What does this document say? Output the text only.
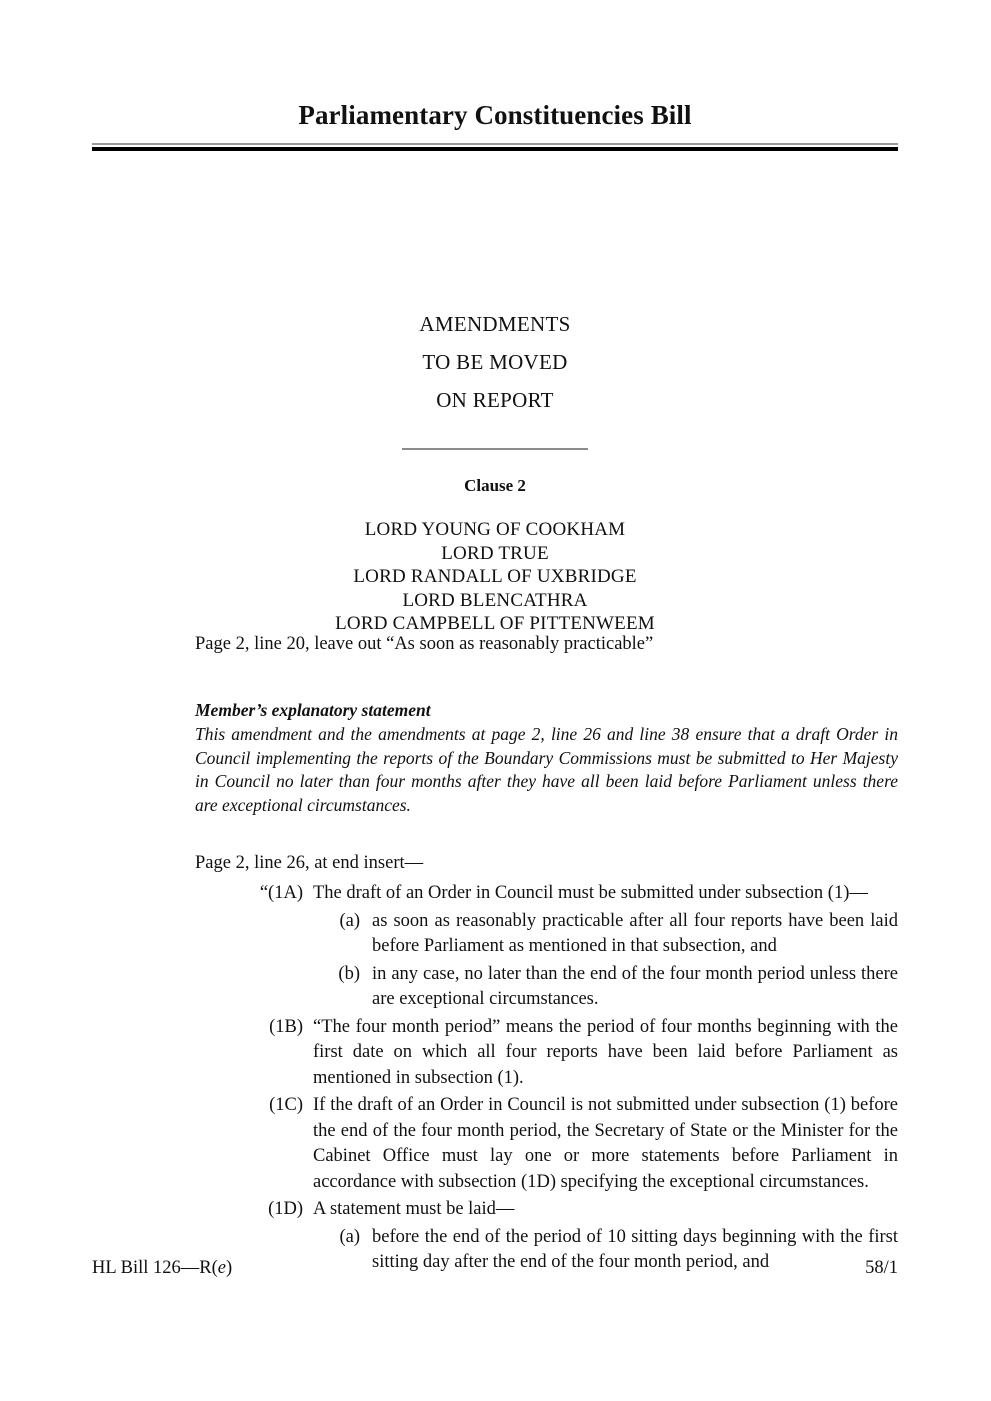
Parliamentary Constituencies Bill
AMENDMENTS
TO BE MOVED
ON REPORT
Clause 2
LORD YOUNG OF COOKHAM
LORD TRUE
LORD RANDALL OF UXBRIDGE
LORD BLENCATHRA
LORD CAMPBELL OF PITTENWEEM
Page 2, line 20, leave out “As soon as reasonably practicable”
Member’s explanatory statement
This amendment and the amendments at page 2, line 26 and line 38 ensure that a draft Order in Council implementing the reports of the Boundary Commissions must be submitted to Her Majesty in Council no later than four months after they have all been laid before Parliament unless there are exceptional circumstances.
Page 2, line 26, at end insert—
“(1A) The draft of an Order in Council must be submitted under subsection (1)—
(a) as soon as reasonably practicable after all four reports have been laid before Parliament as mentioned in that subsection, and
(b) in any case, no later than the end of the four month period unless there are exceptional circumstances.
(1B) “The four month period” means the period of four months beginning with the first date on which all four reports have been laid before Parliament as mentioned in subsection (1).
(1C) If the draft of an Order in Council is not submitted under subsection (1) before the end of the four month period, the Secretary of State or the Minister for the Cabinet Office must lay one or more statements before Parliament in accordance with subsection (1D) specifying the exceptional circumstances.
(1D) A statement must be laid—
(a) before the end of the period of 10 sitting days beginning with the first sitting day after the end of the four month period, and
HL Bill 126—R(e)	58/1
